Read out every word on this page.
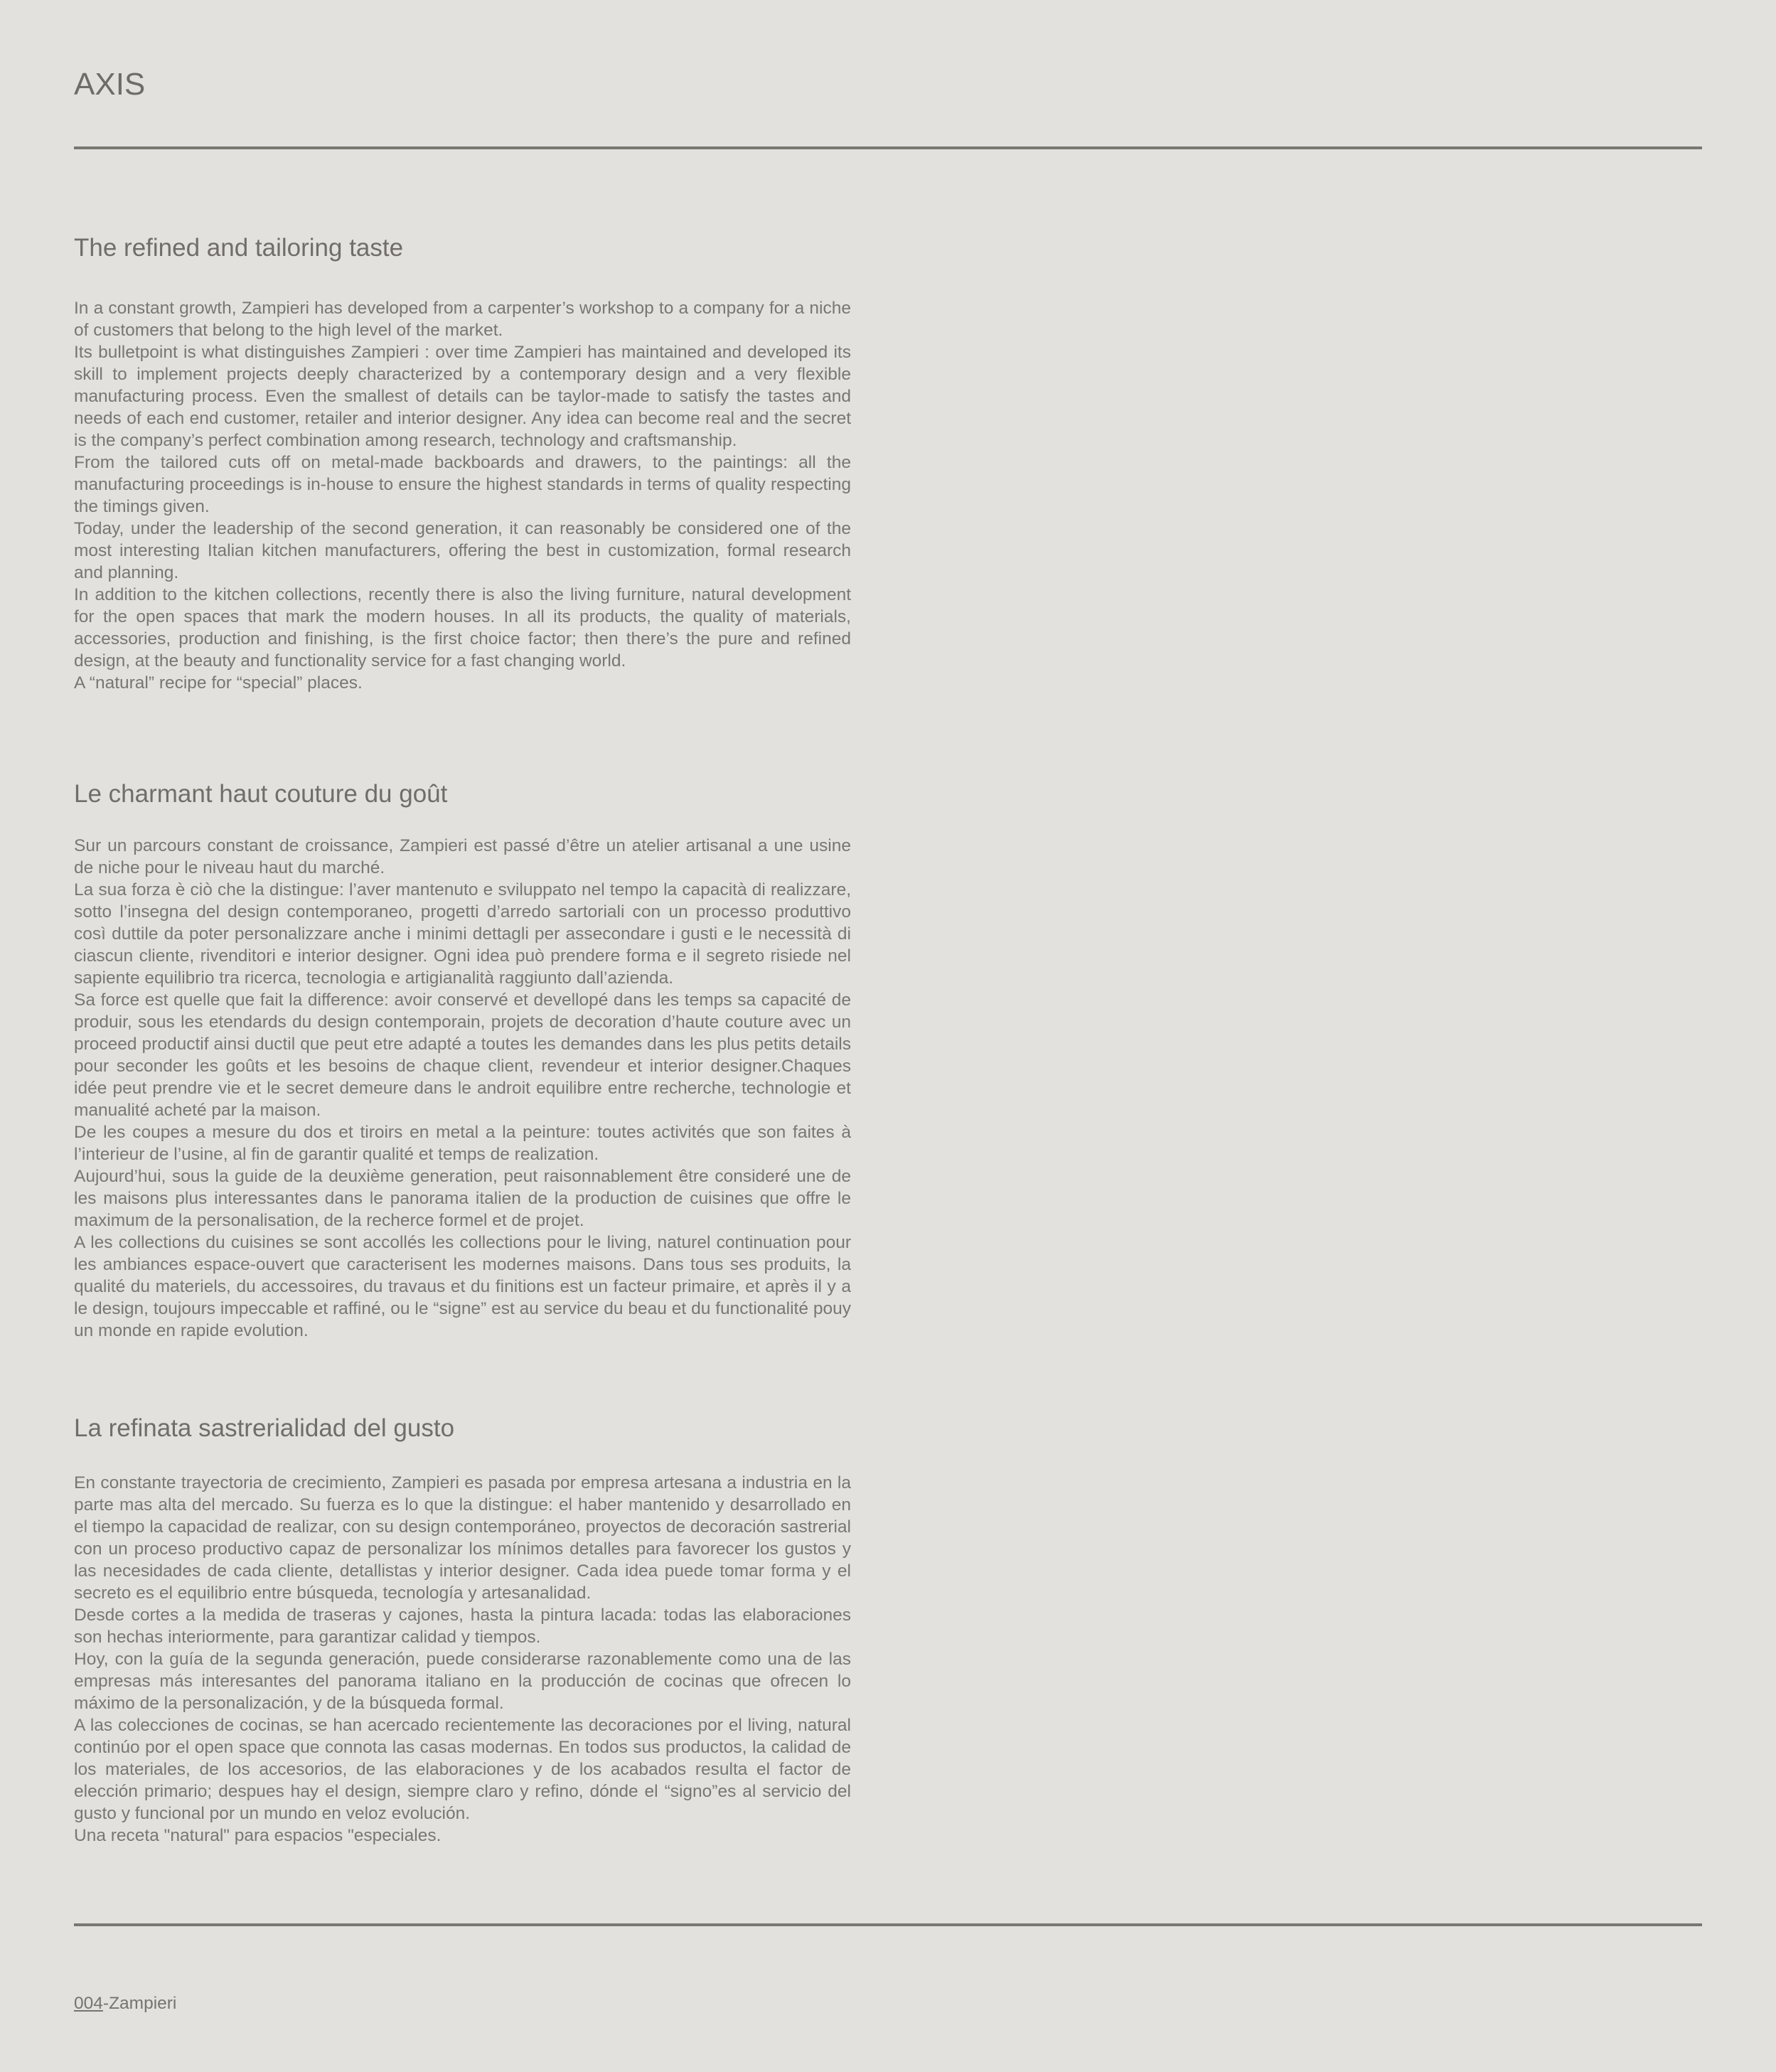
AXIS
The refined and tailoring taste

In a constant growth, Zampieri has developed from a carpenter’s workshop to a company for a niche of customers that belong to the high level of the market.

Its bulletpoint is what distinguishes Zampieri : over time Zampieri has maintained and developed its skill to implement projects deeply characterized by a contemporary design and a very flexible manufacturing process. Even the smallest of details can be taylor-made to satisfy the tastes and needs of each end customer, retailer and interior designer. Any idea can become real and the secret is the company’s perfect combination among research, technology and craftsmanship.

From the tailored cuts off on metal-made backboards and drawers, to the paintings: all the manufacturing proceedings is in-house to ensure the highest standards in terms of quality respecting the timings given.

Today, under the leadership of the second generation, it can reasonably be considered one of the most interesting Italian kitchen manufacturers, offering the best in customization, formal research and planning.

In addition to the kitchen collections, recently there is also the living furniture, natural development for the open spaces that mark the modern houses. In all its products, the quality of materials, accessories, production and finishing, is the first choice factor; then there’s the pure and refined design, at the beauty and functionality service for a fast changing world.

A “natural” recipe for “special” places.

Le charmant haut couture du goût

Sur un parcours constant de croissance, Zampieri est passé d’être un atelier artisanal a une usine de niche pour le niveau haut du marché.

La sua forza è ciò che la distingue: l’aver mantenuto e sviluppato nel tempo la capacità di realizzare, sotto l’insegna del design contemporaneo, progetti d’arredo sartoriali con un processo produttivo così duttile da poter personalizzare anche i minimi dettagli per assecondare i gusti e le necessità di ciascun cliente, rivenditori e interior designer. Ogni idea può prendere forma e il segreto risiede nel sapiente equilibrio tra ricerca, tecnologia e artigianalità raggiunto dall’azienda.

Sa force est quelle que fait la difference: avoir conservé et devellopé dans les temps sa capacité de produir, sous les etendards du design contemporain, projets de decoration d’haute couture avec un proceed productif ainsi ductil que peut etre adapté a toutes les demandes dans les plus petits details pour seconder les goûts et les besoins de chaque client, revendeur et interior designer.Chaques idée peut prendre vie et le secret demeure dans le androit equilibre entre recherche, technologie et manualité acheté par la maison.

De les coupes a mesure du dos et tiroirs en metal a la peinture: toutes activités que son faites à l’interieur de l’usine, al fin de garantir qualité et temps de realization.

Aujourd’hui, sous la guide de la deuxième generation, peut raisonnablement être consideré une de les maisons plus interessantes dans le panorama italien de la production de cuisines que offre le maximum de la personalisation, de la recherce formel et de projet.

A les collections du cuisines se sont accollés les collections pour le living, naturel continuation pour les ambiances espace-ouvert que caracterisent les modernes maisons. Dans tous ses produits, la qualité du materiels, du accessoires, du travaus et du finitions est un facteur primaire, et après il y a le design, toujours impeccable et raffiné, ou le “signe” est au service du beau et du functionalité pouy un monde en rapide evolution.

La refinata sastrerialidad del gusto

En constante trayectoria de crecimiento, Zampieri es pasada por empresa artesana a industria en la parte mas alta del mercado. Su fuerza es lo que la distingue: el haber mantenido y desarrollado en el tiempo la capacidad de realizar, con su design contemporáneo, proyectos de decoración sastrerial con un proceso productivo capaz de personalizar los mínimos detalles para favorecer los gustos y las necesidades de cada cliente, detallistas y interior designer. Cada idea puede tomar forma y el secreto es el equilibrio entre búsqueda, tecnología y artesanalidad.

Desde cortes a la medida de traseras y cajones, hasta la pintura lacada: todas las elaboraciones son hechas interiormente, para garantizar calidad y tiempos.

Hoy, con la guía de la segunda generación, puede considerarse razonablemente como una de las empresas más interesantes del panorama italiano en la producción de cocinas que ofrecen lo máximo de la personalización, y de la búsqueda formal.

A las colecciones de cocinas, se han acercado recientemente las decoraciones por el living, natural continúo por el open space que connota las casas modernas. En todos sus productos, la calidad de los materiales, de los accesorios, de las elaboraciones y de los acabados resulta el factor de elección primario; despues hay el design, siempre claro y refino, dónde el “signo”es al servicio del gusto y funcional por un mundo en veloz evolución.

Una receta "natural" para espacios "especiales.

004-Zampieri
